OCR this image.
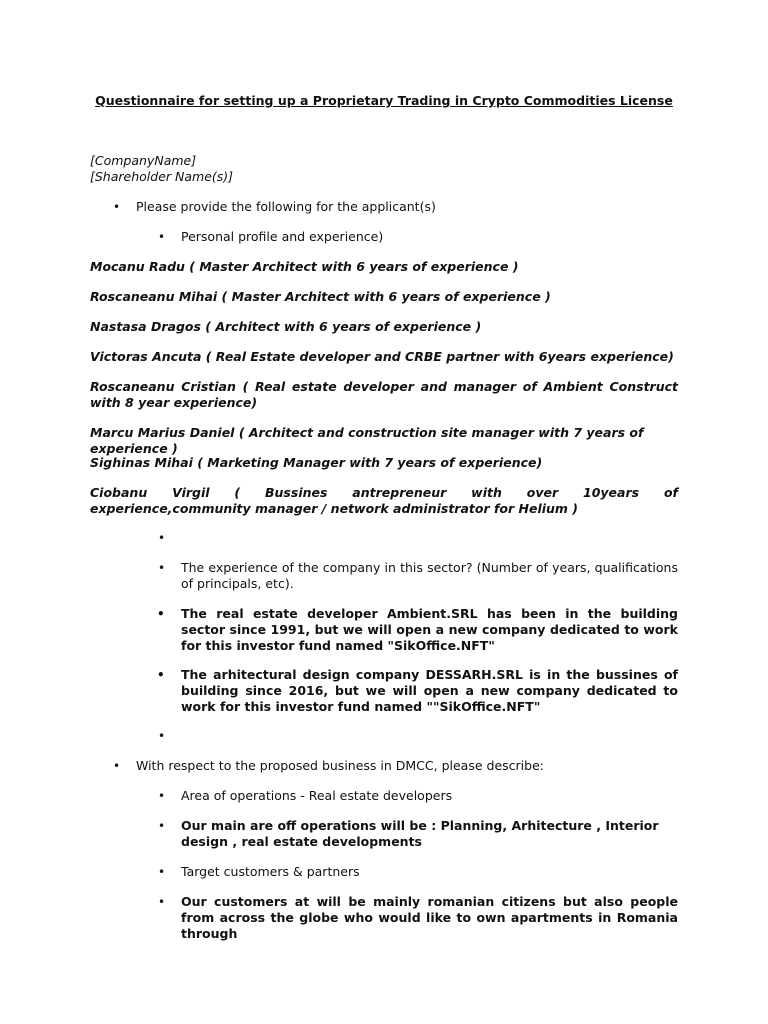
Questionnaire for setting up a Proprietary Trading in Crypto Commodities License
[CompanyName]
[Shareholder Name(s)]
• Please provide the following for the applicant(s)
• Personal profile and experience)
Mocanu Radu ( Master Architect with 6 years of experience )
Roscaneanu Mihai ( Master Architect with 6 years of experience )
Nastasa Dragos ( Architect with 6 years of experience )
Victoras Ancuta ( Real Estate developer and CRBE partner with 6years experience)
Roscaneanu Cristian ( Real estate developer and manager of Ambient Construct with 8 year experience)
Marcu Marius Daniel ( Architect and construction site manager with 7 years of experience )
Sighinas Mihai ( Marketing Manager with 7 years of experience)
Ciobanu Virgil ( Bussines antrepreneur with over 10years of experience,community manager / network administrator for Helium )
•
• The experience of the company in this sector? (Number of years, qualifications of principals, etc).
• The real estate developer Ambient.SRL has been in the building sector since 1991, but we will open a new company dedicated to work for this investor fund named "SikOffice.NFT"
• The arhitectural design company DESSARH.SRL is in the bussines of building since 2016, but we will open a new company dedicated to work for this investor fund named ""SikOffice.NFT"
•
• With respect to the proposed business in DMCC, please describe:
• Area of operations - Real estate developers
• Our main are off operations will be : Planning, Arhitecture , Interior design , real estate developments
• Target customers & partners
• Our customers at will be mainly romanian citizens but also people from across the globe who would like to own apartments in Romania through
